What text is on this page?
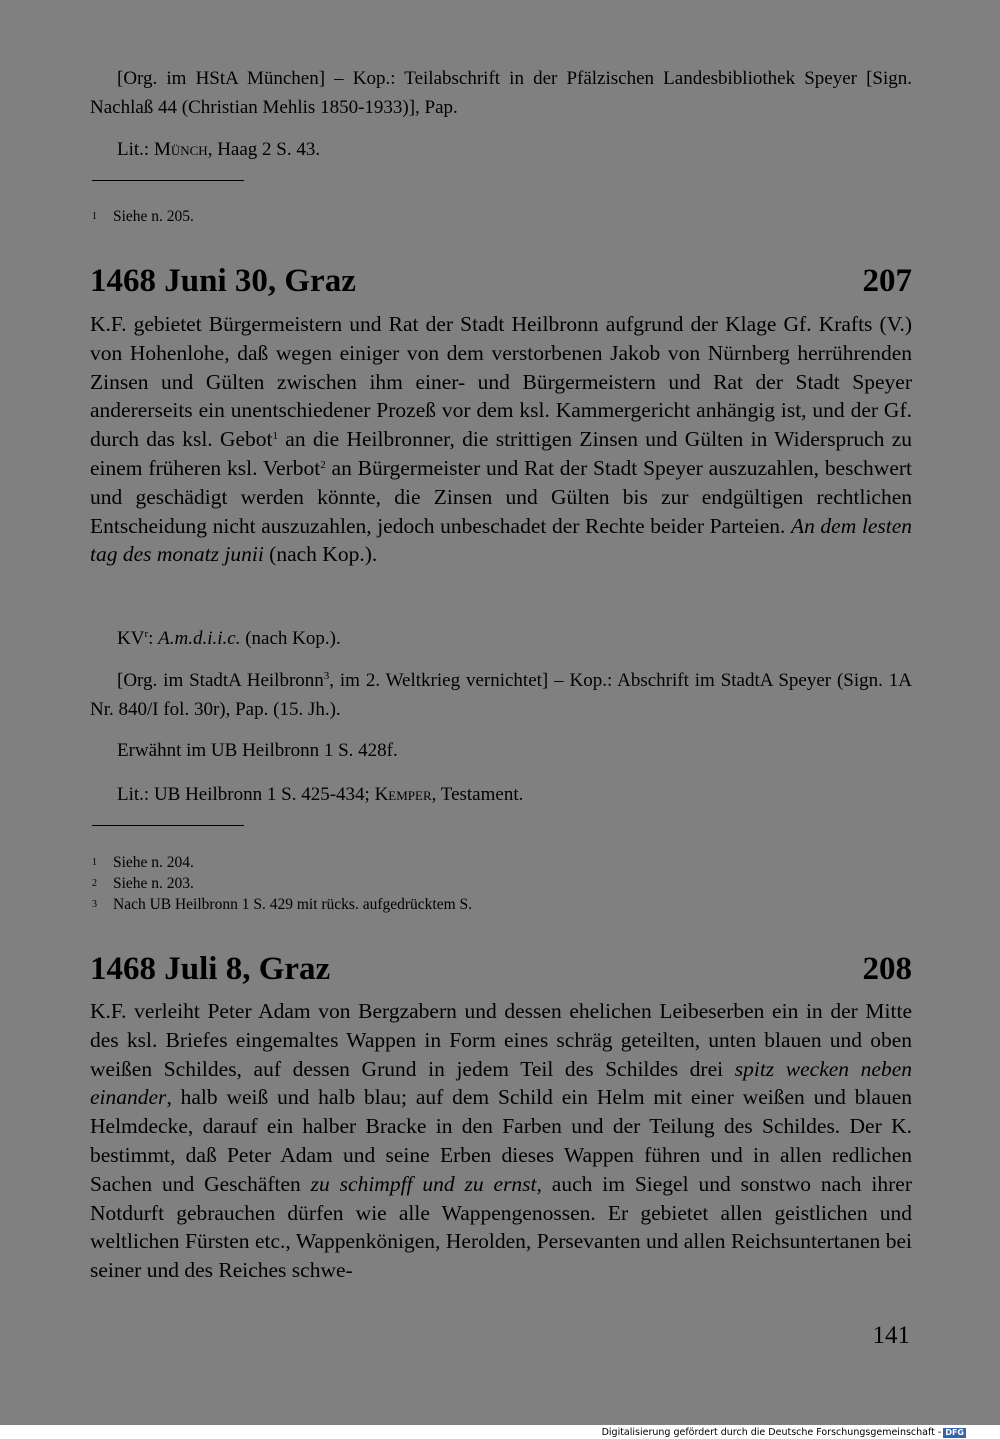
[Org. im HStA München] – Kop.: Teilabschrift in der Pfälzischen Landesbibliothek Speyer [Sign. Nachlaß 44 (Christian Mehlis 1850-1933)], Pap.
Lit.: Münch, Haag 2 S. 43.
1 Siehe n. 205.
1468 Juni 30, Graz	207
K.F. gebietet Bürgermeistern und Rat der Stadt Heilbronn aufgrund der Klage Gf. Krafts (V.) von Hohenlohe, daß wegen einiger von dem verstorbenen Jakob von Nürnberg herrührenden Zinsen und Gülten zwischen ihm einer- und Bürgermeistern und Rat der Stadt Speyer andererseits ein unentschiedener Prozeß vor dem ksl. Kammergericht anhängig ist, und der Gf. durch das ksl. Gebot$^1$ an die Heilbronner, die strittigen Zinsen und Gülten in Widerspruch zu einem früheren ksl. Verbot$^2$ an Bürgermeister und Rat der Stadt Speyer auszuzahlen, beschwert und geschädigt werden könnte, die Zinsen und Gülten bis zur endgültigen rechtlichen Entscheidung nicht auszuzahlen, jedoch unbeschadet der Rechte beider Parteien. An dem lesten tag des monatz junii (nach Kop.).
$KV^r$: A.m.d.i.i.c. (nach Kop.).
[Org. im StadtA Heilbronn$^3$, im 2. Weltkrieg vernichtet] – Kop.: Abschrift im StadtA Speyer (Sign. 1A Nr. 840/I fol. 30r), Pap. (15. Jh.).
Erwähnt im UB Heilbronn 1 S. 428f.
Lit.: UB Heilbronn 1 S. 425-434; Kemper, Testament.
1 Siehe n. 204.
2 Siehe n. 203.
3 Nach UB Heilbronn 1 S. 429 mit rücks. aufgedrücktem S.
1468 Juli 8, Graz	208
K.F. verleiht Peter Adam von Bergzabern und dessen ehelichen Leibeserben ein in der Mitte des ksl. Briefes eingemaltes Wappen in Form eines schräg geteilten, unten blauen und oben weißen Schildes, auf dessen Grund in jedem Teil des Schildes drei spitz wecken neben einander, halb weiß und halb blau; auf dem Schild ein Helm mit einer weißen und blauen Helmdecke, darauf ein halber Bracke in den Farben und der Teilung des Schildes. Der K. bestimmt, daß Peter Adam und seine Erben dieses Wappen führen und in allen redlichen Sachen und Geschäften zu schimpff und zu ernst, auch im Siegel und sonstwo nach ihrer Notdurft gebrauchen dürfen wie alle Wappengenossen. Er gebietet allen geistlichen und weltlichen Fürsten etc., Wappenkönigen, Herolden, Persevanten und allen Reichsuntertanen bei seiner und des Reiches schwe-
141
Digitalisierung gefördert durch die Deutsche Forschungsgemeinschaft - DFG
